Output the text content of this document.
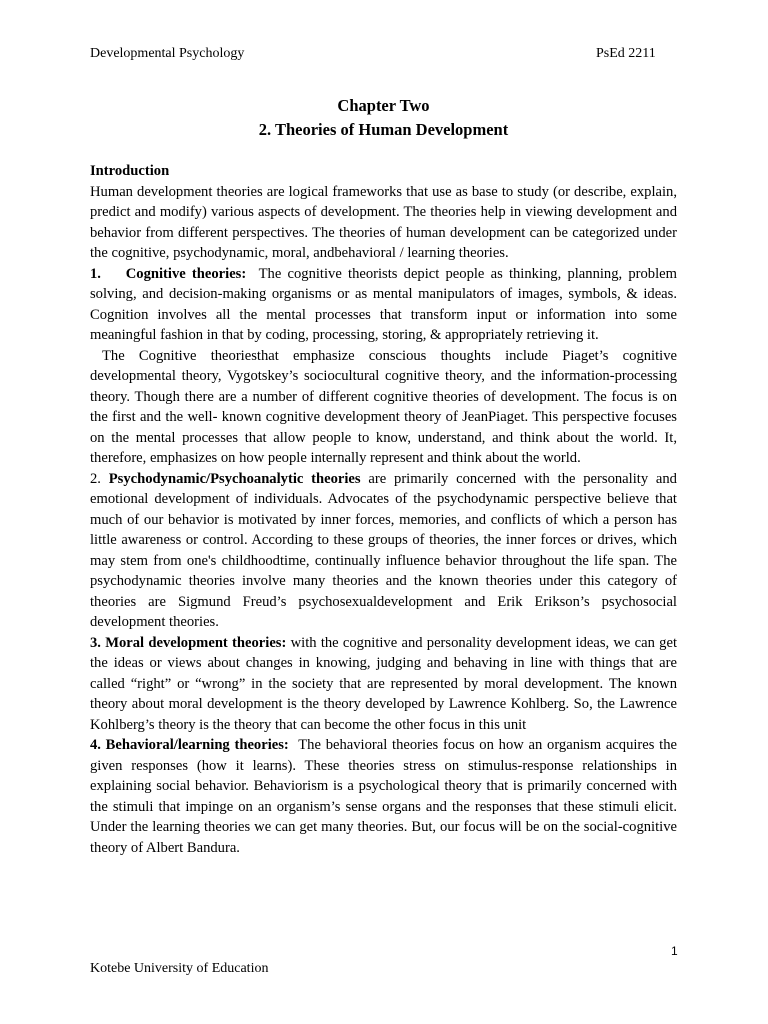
Developmental Psychology	PsEd 2211
Chapter Two
2. Theories of Human Development

Introduction

Human development theories are logical frameworks that use as base to study (or describe, explain, predict and modify) various aspects of development. The theories help in viewing development and behavior from different perspectives. The theories of human development can be categorized under the cognitive, psychodynamic, moral, andbehavioral / learning theories.

1. Cognitive theories: The cognitive theorists depict people as thinking, planning, problem solving, and decision-making organisms or as mental manipulators of images, symbols, & ideas. Cognition involves all the mental processes that transform input or information into some meaningful fashion in that by coding, processing, storing, & appropriately retrieving it.

The Cognitive theoriesthat emphasize conscious thoughts include Piaget’s cognitive developmental theory, Vygotskey’s sociocultural cognitive theory, and the information-processing theory. Though there are a number of different cognitive theories of development. The focus is on the first and the well- known cognitive development theory of JeanPiaget. This perspective focuses on the mental processes that allow people to know, understand, and think about the world. It, therefore, emphasizes on how people internally represent and think about the world.

2. Psychodynamic/Psychoanalytic theories are primarily concerned with the personality and emotional development of individuals. Advocates of the psychodynamic perspective believe that much of our behavior is motivated by inner forces, memories, and conflicts of which a person has little awareness or control. According to these groups of theories, the inner forces or drives, which may stem from one's childhoodtime, continually influence behavior throughout the life span. The psychodynamic theories involve many theories and the known theories under this category of theories are Sigmund Freud’s psychosexualdevelopment and Erik Erikson’s psychosocial development theories.

3. Moral development theories: with the cognitive and personality development ideas, we can get the ideas or views about changes in knowing, judging and behaving in line with things that are called “right” or “wrong” in the society that are represented by moral development. The known theory about moral development is the theory developed by Lawrence Kohlberg. So, the Lawrence Kohlberg’s theory is the theory that can become the other focus in this unit

4. Behavioral/learning theories: The behavioral theories focus on how an organism acquires the given responses (how it learns). These theories stress on stimulus-response relationships in explaining social behavior. Behaviorism is a psychological theory that is primarily concerned with the stimuli that impinge on an organism’s sense organs and the responses that these stimuli elicit. Under the learning theories we can get many theories. But, our focus will be on the social-cognitive theory of Albert Bandura.

1
Kotebe University of Education
